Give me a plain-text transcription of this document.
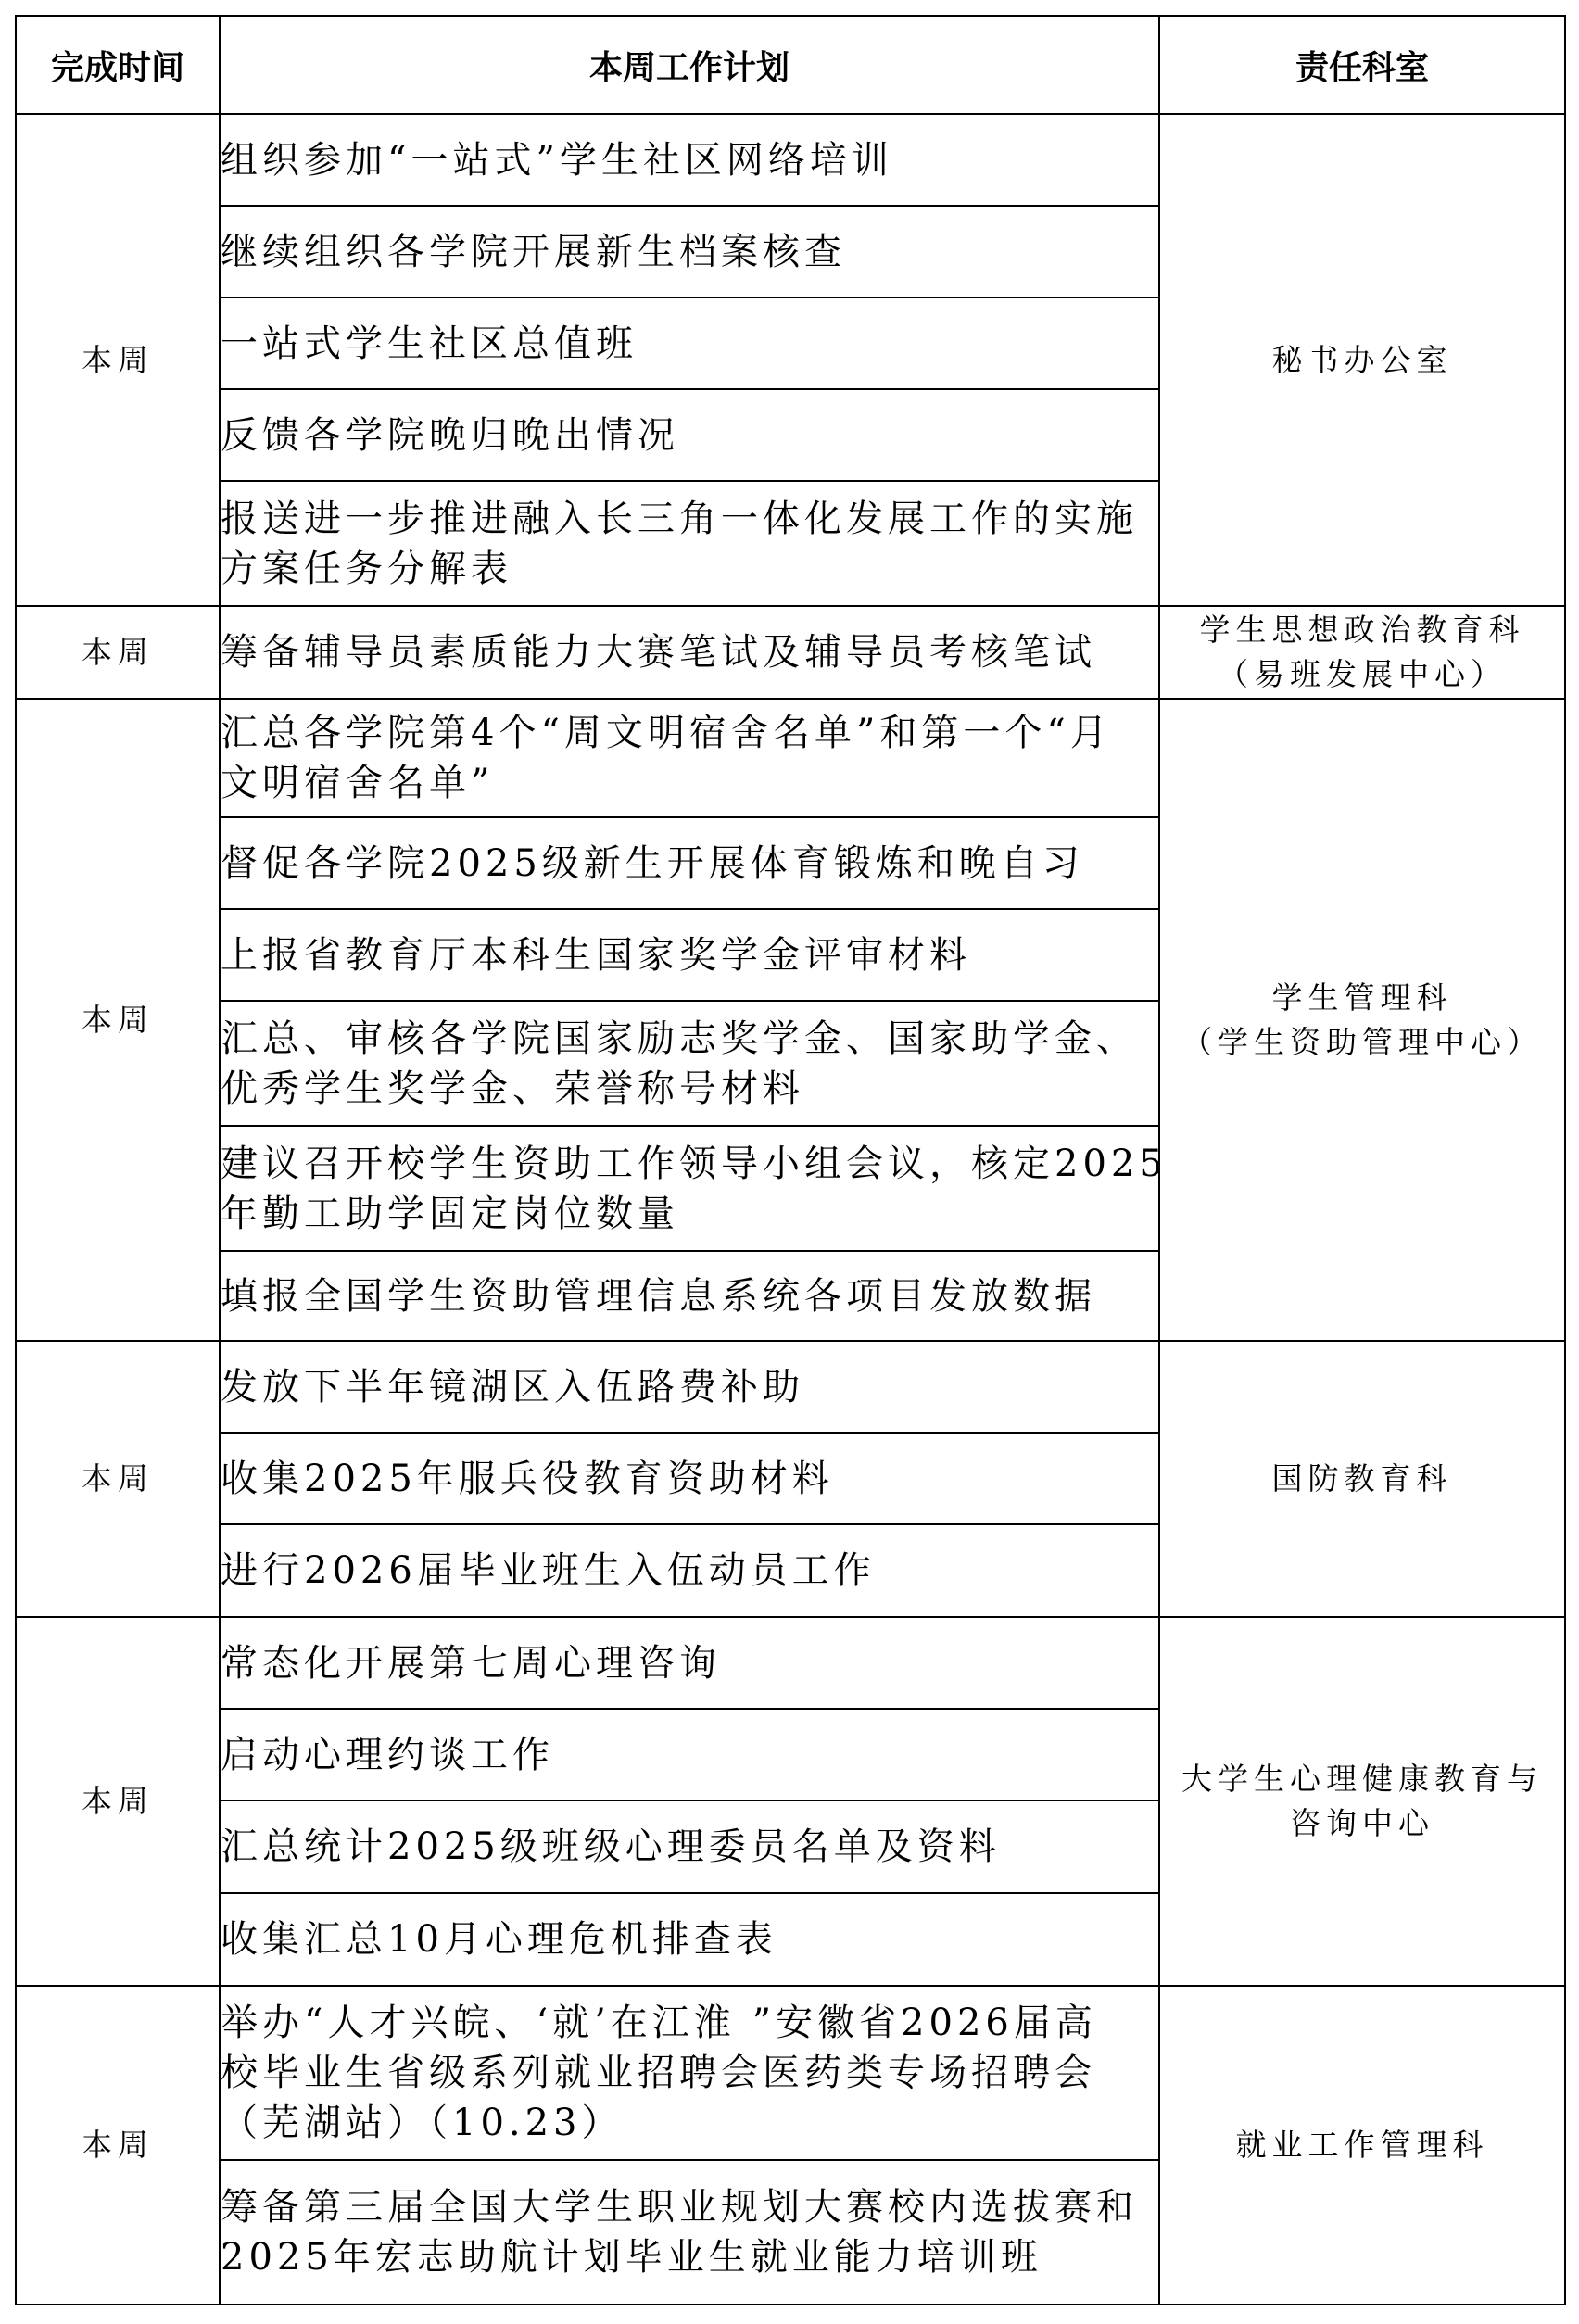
完成时间	本周工作计划	责任科室
本周	组织参加“一站式”学生社区网络培训	秘书办公室

	继续组织各学院开展新生档案核查	

	一站式学生社区总值班	

	反馈各学院晚归晚出情况	

	报送进一步推进融入长三角一体化发展工作的实施
方案任务分解表	

本周	筹备辅导员素质能力大赛笔试及辅导员考核笔试	学生思想政治教育科
（易班发展中心）

本周	汇总各学院第4个“周文明宿舍名单”和第一个“月
文明宿舍名单”	学生管理科
（学生资助管理中心）

	督促各学院2025级新生开展体育锻炼和晚自习	

	上报省教育厅本科生国家奖学金评审材料	

	汇总、审核各学院国家励志奖学金、国家助学金、
优秀学生奖学金、荣誉称号材料	

	建议召开校学生资助工作领导小组会议，核定2025
年勤工助学固定岗位数量	

	填报全国学生资助管理信息系统各项目发放数据	

本周	发放下半年镜湖区入伍路费补助	国防教育科

	收集2025年服兵役教育资助材料	

	进行2026届毕业班生入伍动员工作	

本周	常态化开展第七周心理咨询	大学生心理健康教育与
咨询中心

	启动心理约谈工作	

	汇总统计2025级班级心理委员名单及资料	

	收集汇总10月心理危机排查表	

本周	举办“人才兴皖、‘就’在江淮 ”安徽省2026届高
校毕业生省级系列就业招聘会医药类专场招聘会
（芜湖站）（10.23）	就业工作管理科

	筹备第三届全国大学生职业规划大赛校内选拔赛和
2025年宏志助航计划毕业生就业能力培训班	
